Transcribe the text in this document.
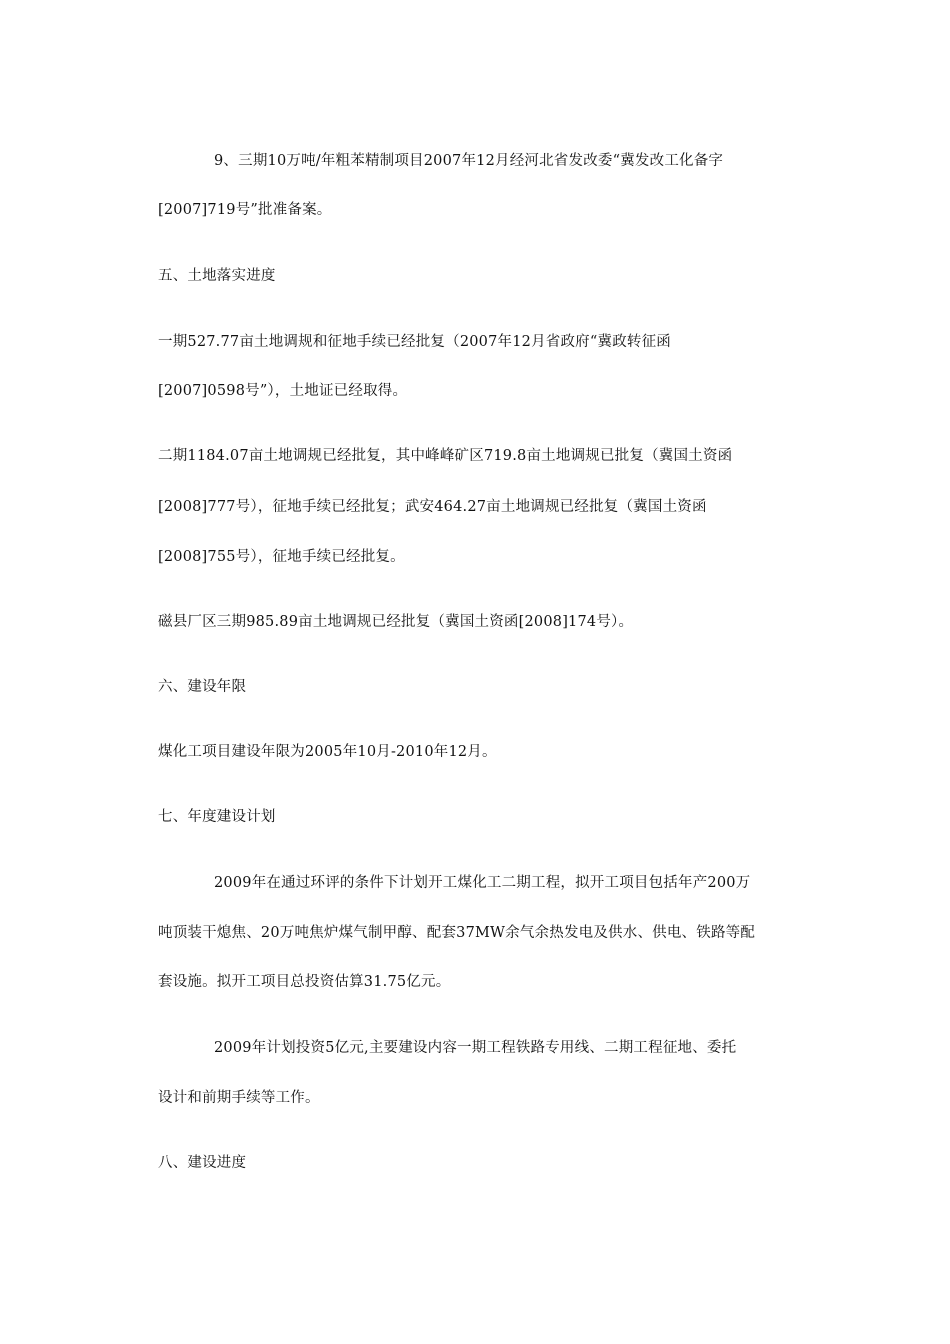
9、三期10万吨/年粗苯精制项目2007年12月经河北省发改委“冀发改工化备字
[2007]719号”批准备案。
五、土地落实进度
一期527.77亩土地调规和征地手续已经批复（2007年12月省政府“冀政转征函
[2007]0598号”），土地证已经取得。
二期1184.07亩土地调规已经批复，其中峰峰矿区719.8亩土地调规已批复（冀国土资函
[2008]777号），征地手续已经批复；武安464.27亩土地调规已经批复（冀国土资函
[2008]755号），征地手续已经批复。
磁县厂区三期985.89亩土地调规已经批复（冀国土资函[2008]174号）。
六、建设年限
煤化工项目建设年限为2005年10月-2010年12月。
七、年度建设计划
2009年在通过环评的条件下计划开工煤化工二期工程，拟开工项目包括年产200万
吨顶装干熄焦、20万吨焦炉煤气制甲醇、配套37MW余气余热发电及供水、供电、铁路等配
套设施。拟开工项目总投资估算31.75亿元。
2009年计划投资5亿元,主要建设内容一期工程铁路专用线、二期工程征地、委托
设计和前期手续等工作。
八、建设进度
